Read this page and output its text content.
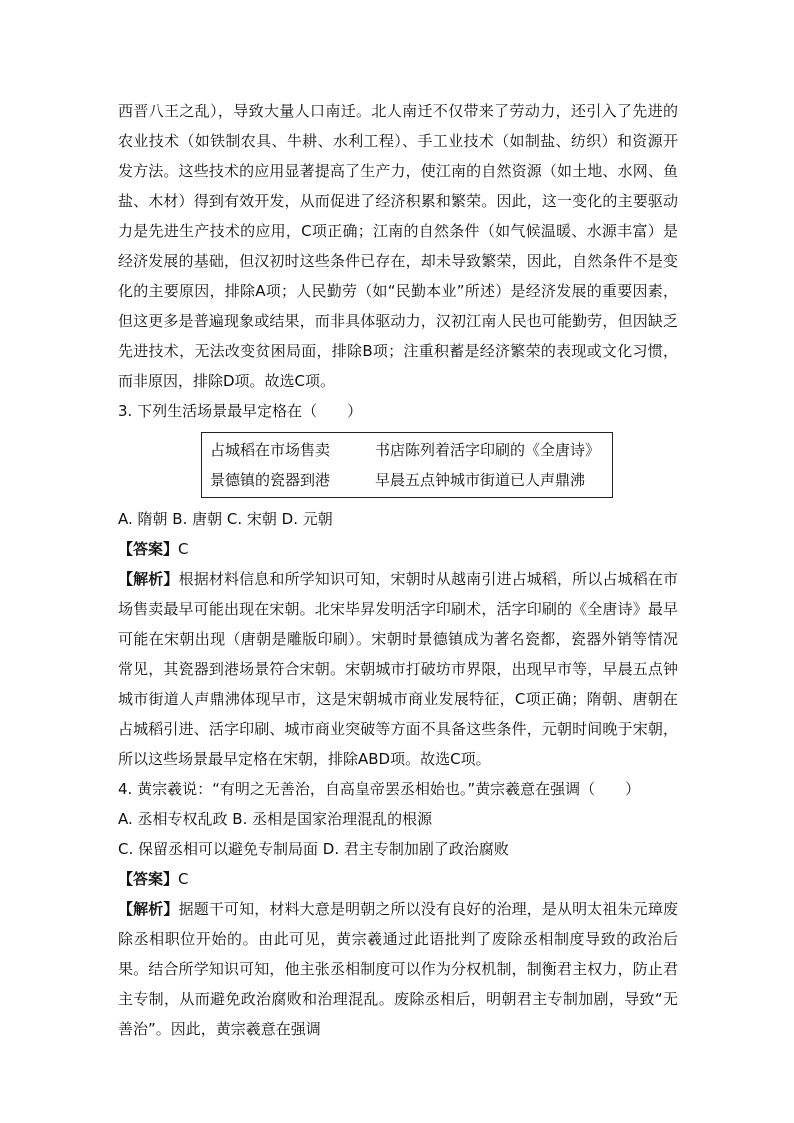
西晋八王之乱），导致大量人口南迁。北人南迁不仅带来了劳动力，还引入了先进的农业技术（如铁制农具、牛耕、水利工程）、手工业技术（如制盐、纺织）和资源开发方法。这些技术的应用显著提高了生产力，使江南的自然资源（如土地、水网、鱼盐、木材）得到有效开发，从而促进了经济积累和繁荣。因此，这一变化的主要驱动力是先进生产技术的应用，C项正确；江南的自然条件（如气候温暖、水源丰富）是经济发展的基础，但汉初时这些条件已存在，却未导致繁荣，因此，自然条件不是变化的主要原因，排除A项；人民勤劳（如“民勤本业”所述）是经济发展的重要因素，但这更多是普遍现象或结果，而非具体驱动力，汉初江南人民也可能勤劳，但因缺乏先进技术，无法改变贫困局面，排除B项；注重积蓄是经济繁荣的表现或文化习惯，而非原因，排除D项。故选C项。

3. 下列生活场景最早定格在（　　）

占城稻在市场售卖	书店陈列着活字印刷的《全唐诗》
景德镇的瓷器到港	早晨五点钟城市街道已人声鼎沸

A. 隋朝 B. 唐朝 C. 宋朝 D. 元朝

【答案】C

【解析】根据材料信息和所学知识可知，宋朝时从越南引进占城稻，所以占城稻在市场售卖最早可能出现在宋朝。北宋毕昇发明活字印刷术，活字印刷的《全唐诗》最早可能在宋朝出现（唐朝是雕版印刷）。宋朝时景德镇成为著名瓷都，瓷器外销等情况常见，其瓷器到港场景符合宋朝。宋朝城市打破坊市界限，出现早市等，早晨五点钟城市街道人声鼎沸体现早市，这是宋朝城市商业发展特征，C项正确；隋朝、唐朝在占城稻引进、活字印刷、城市商业突破等方面不具备这些条件，元朝时间晚于宋朝，所以这些场景最早定格在宋朝，排除ABD项。故选C项。

4. 黄宗羲说：“有明之无善治，自高皇帝罢丞相始也。”黄宗羲意在强调（　　）

A. 丞相专权乱政 B. 丞相是国家治理混乱的根源

C. 保留丞相可以避免专制局面 D. 君主专制加剧了政治腐败

【答案】C

【解析】据题干可知，材料大意是明朝之所以没有良好的治理，是从明太祖朱元璋废除丞相职位开始的。由此可见，黄宗羲通过此语批判了废除丞相制度导致的政治后果。结合所学知识可知，他主张丞相制度可以作为分权机制，制衡君主权力，防止君主专制，从而避免政治腐败和治理混乱。废除丞相后，明朝君主专制加剧，导致“无善治”。因此，黄宗羲意在强调
